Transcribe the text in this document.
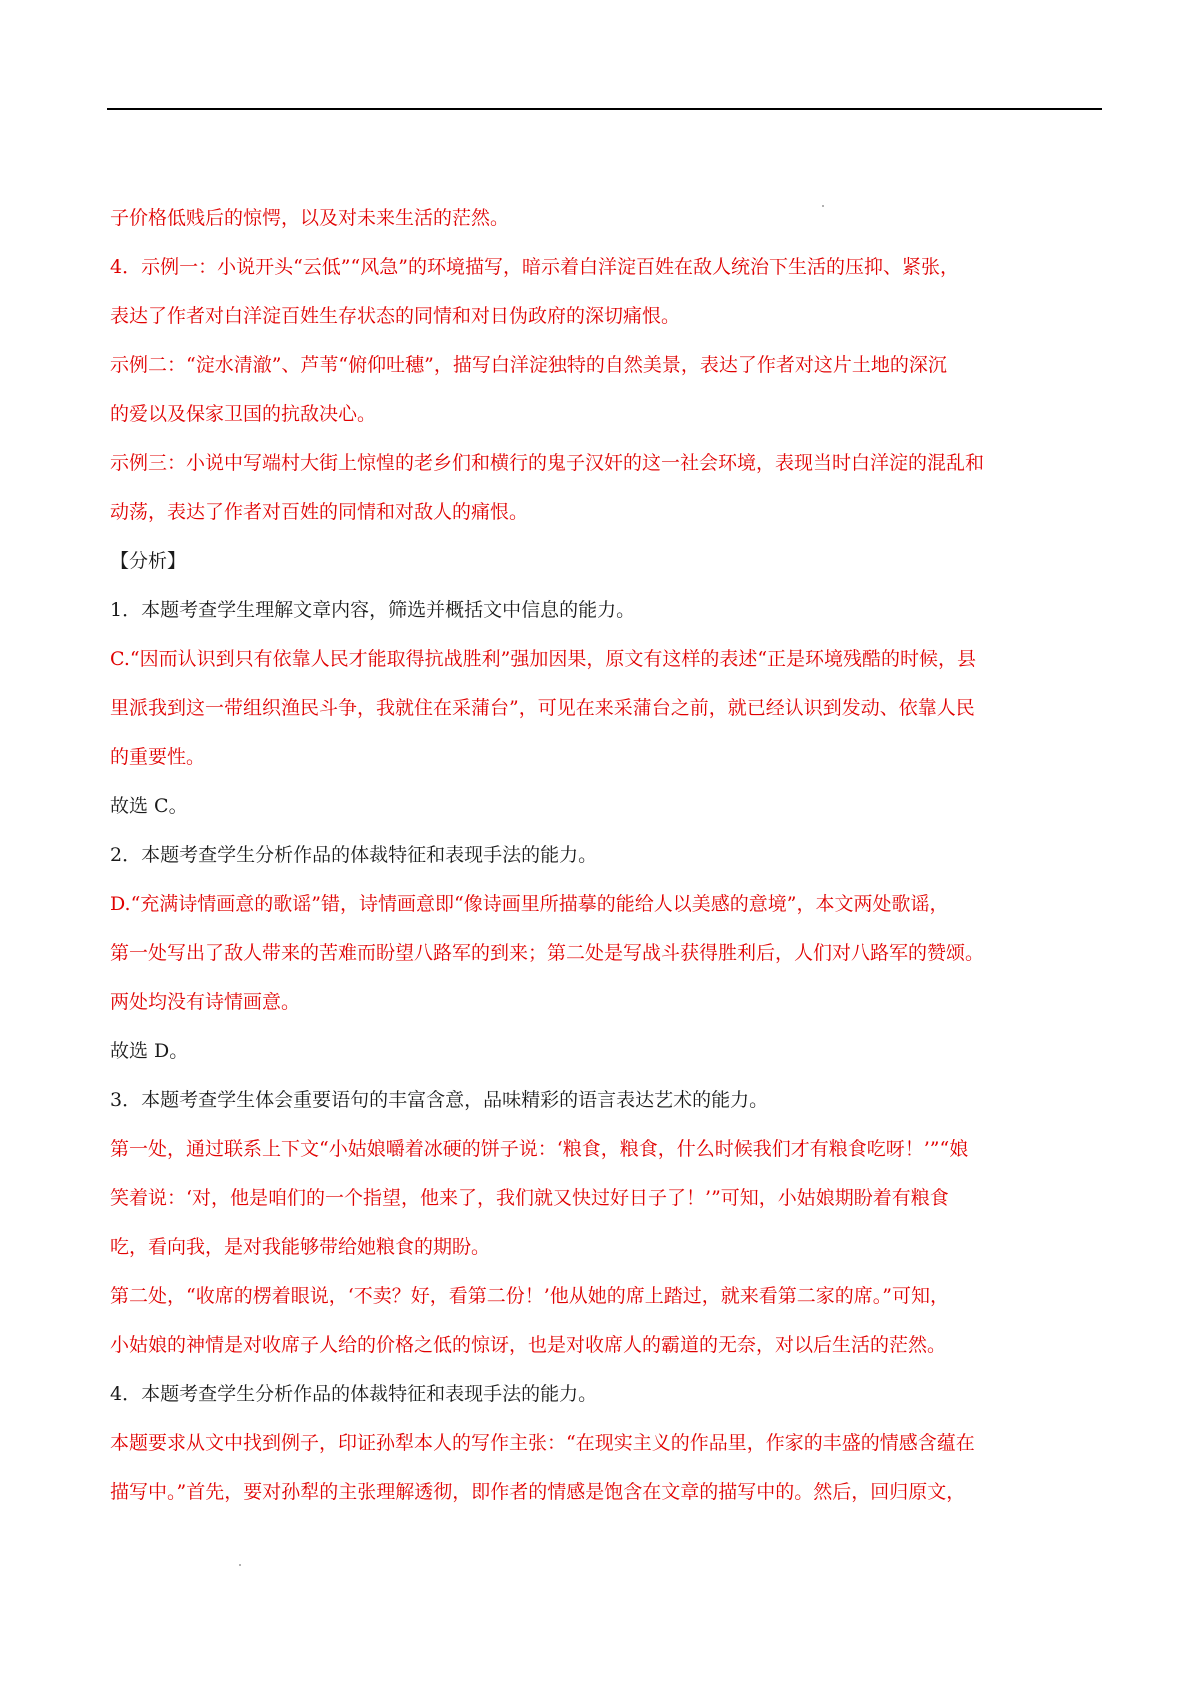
子价格低贱后的惊愕，以及对未来生活的茫然。
4．示例一：小说开头“云低”“风急”的环境描写，暗示着白洋淀百姓在敌人统治下生活的压抑、紧张，
表达了作者对白洋淀百姓生存状态的同情和对日伪政府的深切痛恨。
示例二：“淀水清澈”、芦苇“俯仰吐穗”，描写白洋淀独特的自然美景，表达了作者对这片土地的深沉
的爱以及保家卫国的抗敌决心。
示例三：小说中写端村大街上惊惶的老乡们和横行的鬼子汉奸的这一社会环境，表现当时白洋淀的混乱和
动荡，表达了作者对百姓的同情和对敌人的痛恨。
【分析】
1．本题考查学生理解文章内容，筛选并概括文中信息的能力。
C.“因而认识到只有依靠人民才能取得抗战胜利”强加因果，原文有这样的表述“正是环境残酷的时候，县
里派我到这一带组织渔民斗争，我就住在采蒲台”，可见在来采蒲台之前，就已经认识到发动、依靠人民
的重要性。
故选 C。
2．本题考查学生分析作品的体裁特征和表现手法的能力。
D.“充满诗情画意的歌谣”错，诗情画意即“像诗画里所描摹的能给人以美感的意境”，本文两处歌谣，
第一处写出了敌人带来的苦难而盼望八路军的到来；第二处是写战斗获得胜利后，人们对八路军的赞颂。
两处均没有诗情画意。
故选 D。
3．本题考查学生体会重要语句的丰富含意，品味精彩的语言表达艺术的能力。
第一处，通过联系上下文“小姑娘嚼着冰硬的饼子说：‘粮食，粮食，什么时候我们才有粮食吃呀！’”“娘
笑着说：‘对，他是咱们的一个指望，他来了，我们就又快过好日子了！’”可知，小姑娘期盼着有粮食
吃，看向我，是对我能够带给她粮食的期盼。
第二处，“收席的楞着眼说，‘不卖？好，看第二份！’他从她的席上踏过，就来看第二家的席。”可知，
小姑娘的神情是对收席子人给的价格之低的惊讶，也是对收席人的霸道的无奈，对以后生活的茫然。
4．本题考查学生分析作品的体裁特征和表现手法的能力。
本题要求从文中找到例子，印证孙犁本人的写作主张：“在现实主义的作品里，作家的丰盛的情感含蕴在
描写中。”首先，要对孙犁的主张理解透彻，即作者的情感是饱含在文章的描写中的。然后，回归原文，
